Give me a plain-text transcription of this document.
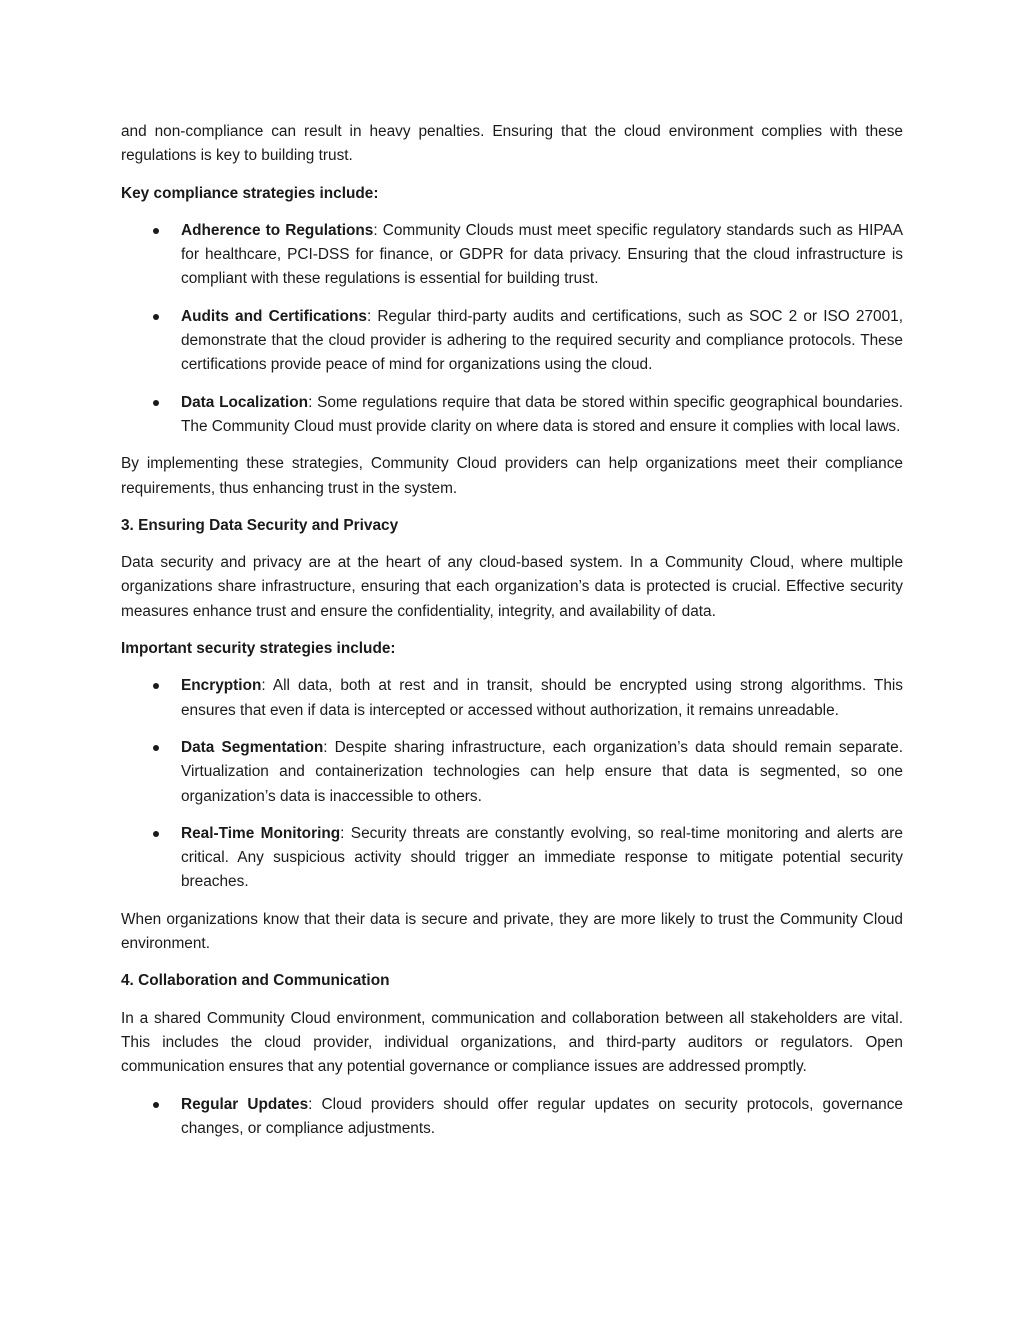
and non-compliance can result in heavy penalties. Ensuring that the cloud environment complies with these regulations is key to building trust.

Key compliance strategies include:

Adherence to Regulations: Community Clouds must meet specific regulatory standards such as HIPAA for healthcare, PCI-DSS for finance, or GDPR for data privacy. Ensuring that the cloud infrastructure is compliant with these regulations is essential for building trust.
Audits and Certifications: Regular third-party audits and certifications, such as SOC 2 or ISO 27001, demonstrate that the cloud provider is adhering to the required security and compliance protocols. These certifications provide peace of mind for organizations using the cloud.
Data Localization: Some regulations require that data be stored within specific geographical boundaries. The Community Cloud must provide clarity on where data is stored and ensure it complies with local laws.

By implementing these strategies, Community Cloud providers can help organizations meet their compliance requirements, thus enhancing trust in the system.

3. Ensuring Data Security and Privacy

Data security and privacy are at the heart of any cloud-based system. In a Community Cloud, where multiple organizations share infrastructure, ensuring that each organization’s data is protected is crucial. Effective security measures enhance trust and ensure the confidentiality, integrity, and availability of data.

Important security strategies include:

Encryption: All data, both at rest and in transit, should be encrypted using strong algorithms. This ensures that even if data is intercepted or accessed without authorization, it remains unreadable.
Data Segmentation: Despite sharing infrastructure, each organization’s data should remain separate. Virtualization and containerization technologies can help ensure that data is segmented, so one organization’s data is inaccessible to others.
Real-Time Monitoring: Security threats are constantly evolving, so real-time monitoring and alerts are critical. Any suspicious activity should trigger an immediate response to mitigate potential security breaches.

When organizations know that their data is secure and private, they are more likely to trust the Community Cloud environment.

4. Collaboration and Communication

In a shared Community Cloud environment, communication and collaboration between all stakeholders are vital. This includes the cloud provider, individual organizations, and third-party auditors or regulators. Open communication ensures that any potential governance or compliance issues are addressed promptly.

Regular Updates: Cloud providers should offer regular updates on security protocols, governance changes, or compliance adjustments.
